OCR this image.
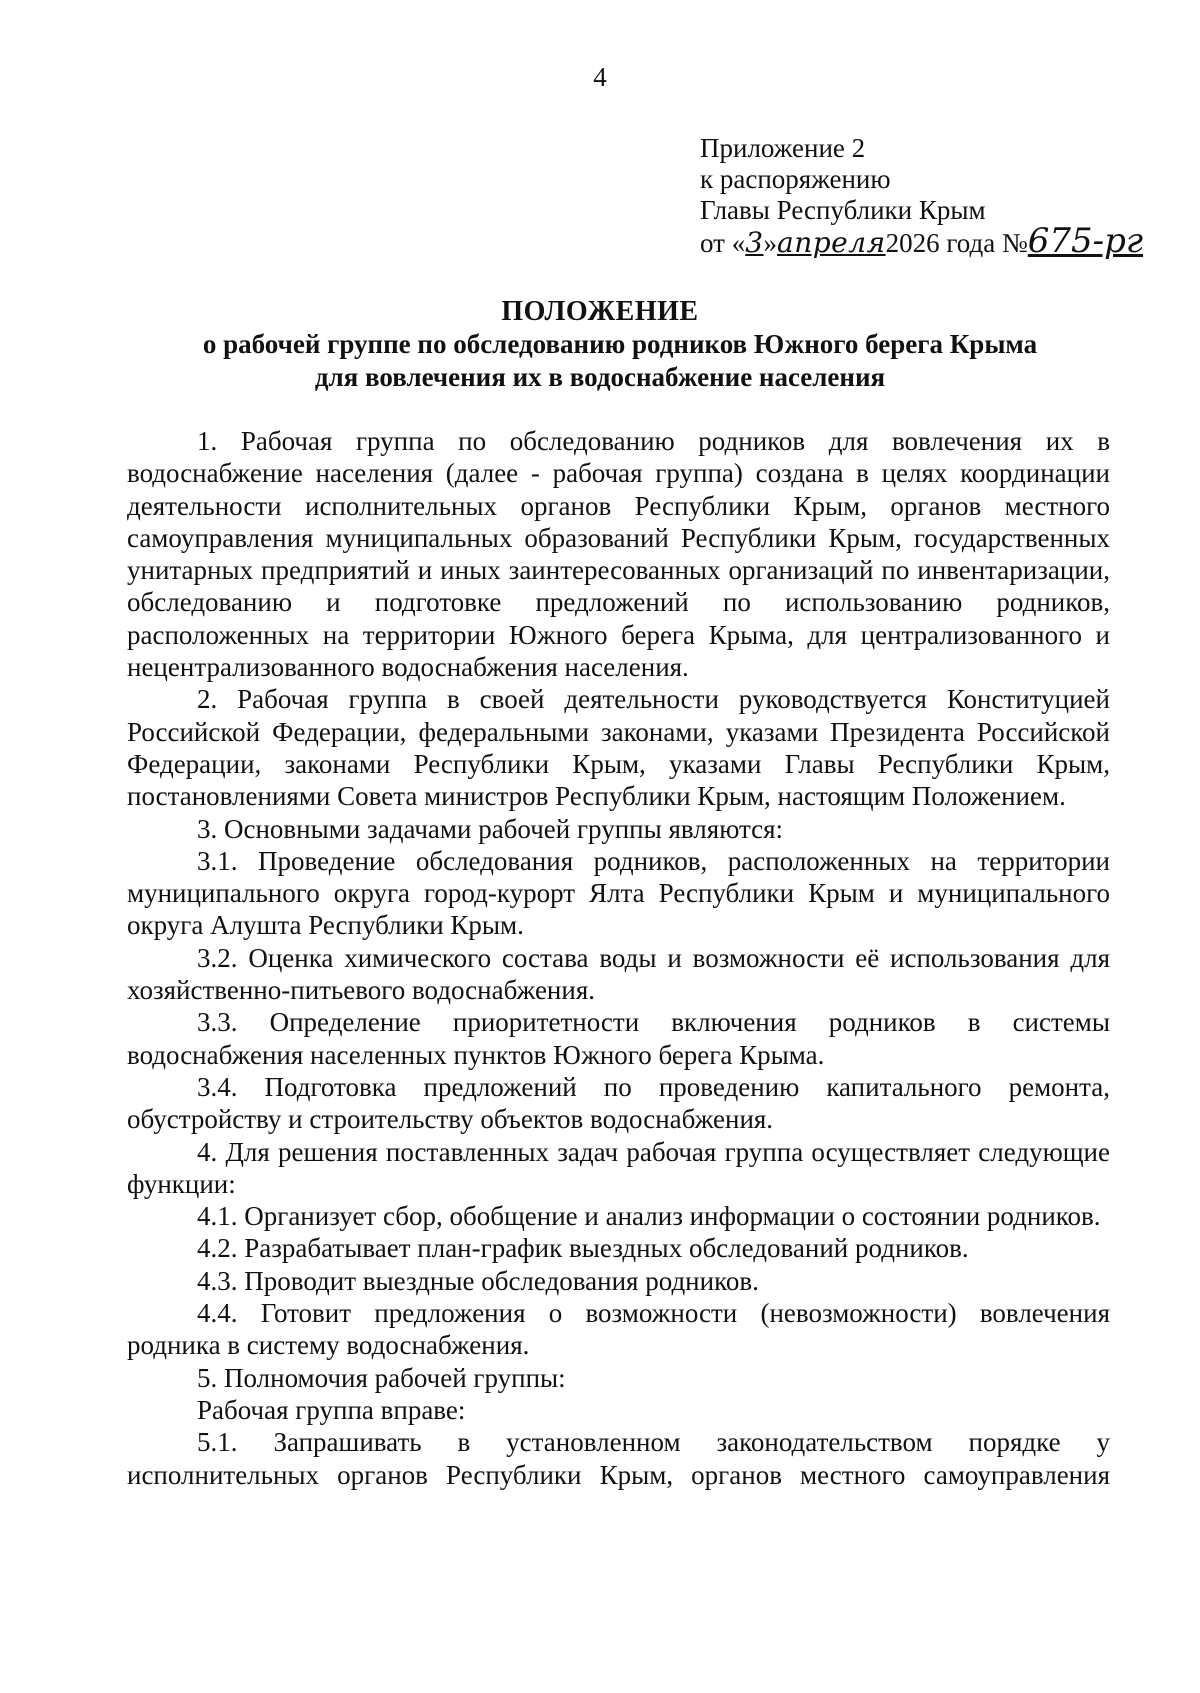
4
Приложение 2
к распоряжению
Главы Республики Крым
от «3»апреля2026 года №675-рг
ПОЛОЖЕНИЕ
о рабочей группе по обследованию родников Южного берега Крыма
для вовлечения их в водоснабжение населения

1. Рабочая группа по обследованию родников для вовлечения их в водоснабжение населения (далее - рабочая группа) создана в целях координации деятельности исполнительных органов Республики Крым, органов местного самоуправления муниципальных образований Республики Крым, государственных унитарных предприятий и иных заинтересованных организаций по инвентаризации, обследованию и подготовке предложений по использованию родников, расположенных на территории Южного берега Крыма, для централизованного и нецентрализованного водоснабжения населения.

2. Рабочая группа в своей деятельности руководствуется Конституцией Российской Федерации, федеральными законами, указами Президента Российской Федерации, законами Республики Крым, указами Главы Республики Крым, постановлениями Совета министров Республики Крым, настоящим Положением.

3. Основными задачами рабочей группы являются:

3.1. Проведение обследования родников, расположенных на территории муниципального округа город-курорт Ялта Республики Крым и муниципального округа Алушта Республики Крым.

3.2. Оценка химического состава воды и возможности её использования для хозяйственно-питьевого водоснабжения.

3.3. Определение приоритетности включения родников в системы водоснабжения населенных пунктов Южного берега Крыма.

3.4. Подготовка предложений по проведению капитального ремонта, обустройству и строительству объектов водоснабжения.

4. Для решения поставленных задач рабочая группа осуществляет следующие функции:

4.1. Организует сбор, обобщение и анализ информации о состоянии родников.

4.2. Разрабатывает план-график выездных обследований родников.

4.3. Проводит выездные обследования родников.

4.4. Готовит предложения о возможности (невозможности) вовлечения родника в систему водоснабжения.

5. Полномочия рабочей группы:

Рабочая группа вправе:

5.1. Запрашивать в установленном законодательством порядке у исполнительных органов Республики Крым, органов местного самоуправления
